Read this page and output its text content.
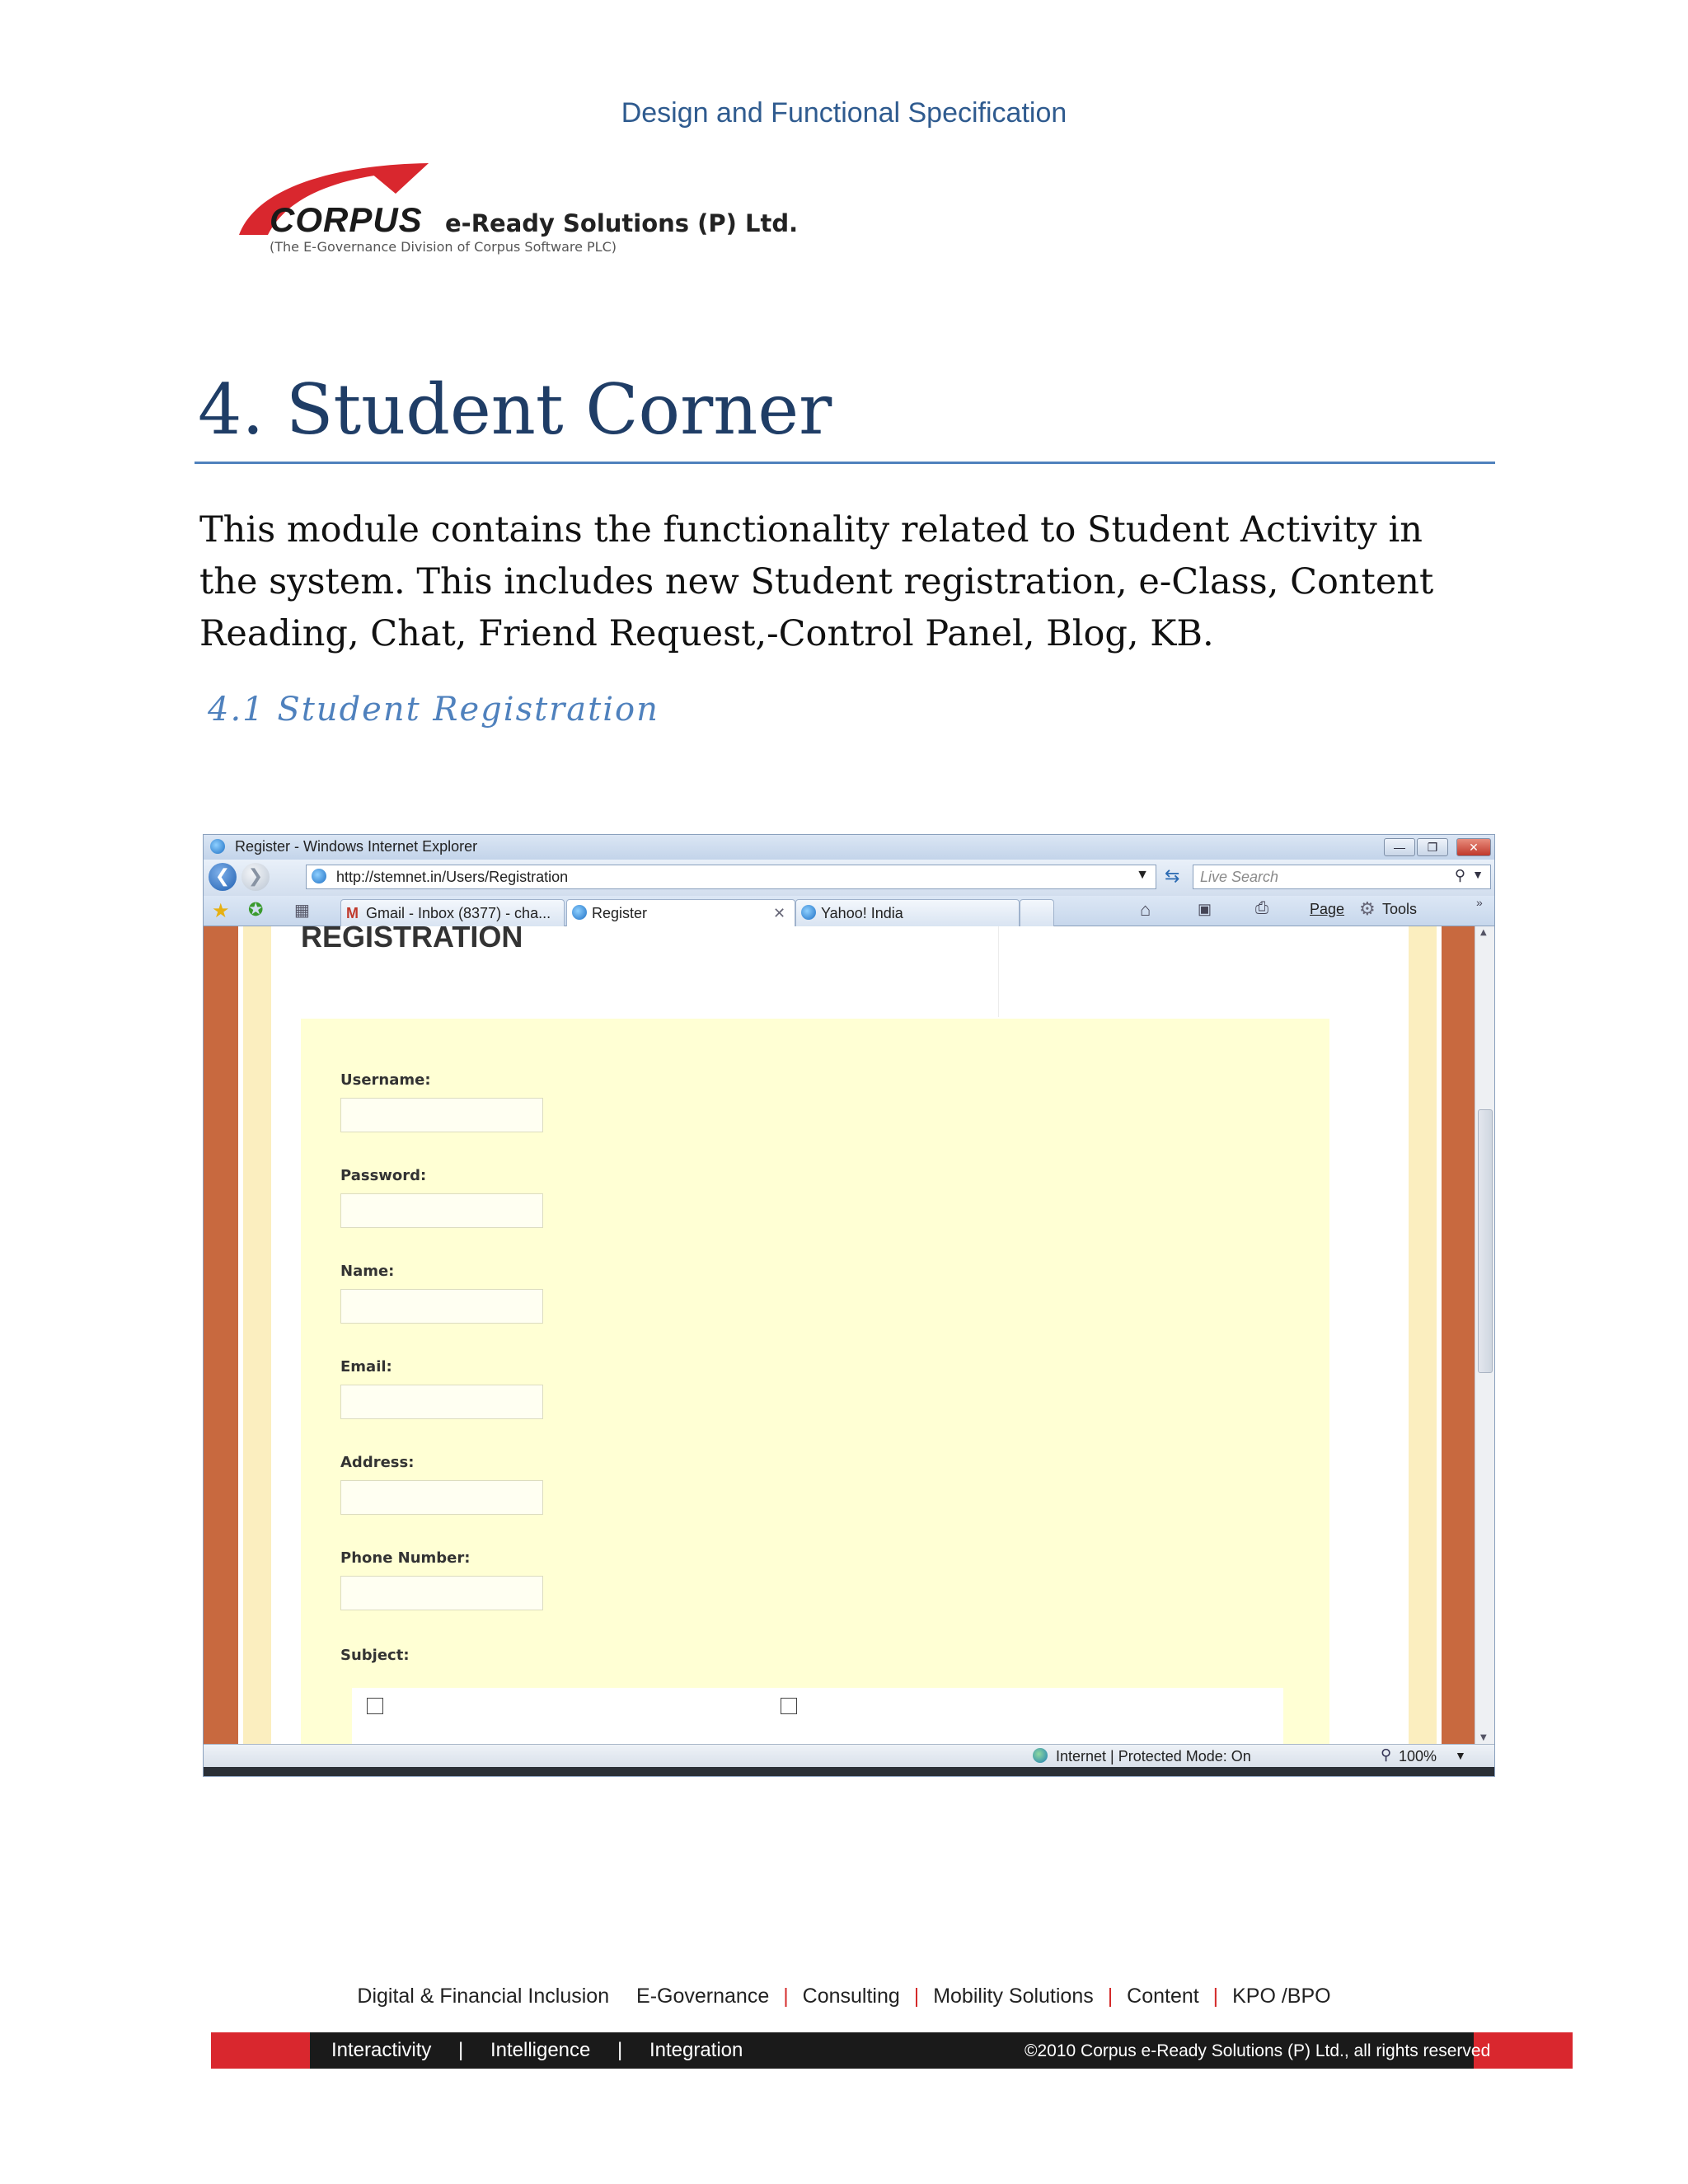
Design and Functional Specification
CORPUS e-Ready Solutions (P) Ltd.
(The E-Governance Division of Corpus Software PLC)
4. Student Corner
This module contains the functionality related to Student Activity in the system. This includes new Student registration, e-Class, Content Reading, Chat, Friend Request,-Control Panel, Blog, KB.
4.1 Student Registration
Register - Windows Internet Explorer	—	❐	✕
❮ ❯	http://stemnet.in/Users/Registration	▼ ⇆ Live Search	⚲ ▼
★ ✪ ▦ M Gmail - Inbox (8377) - cha...	Register	✕ Yahoo! India	⌂	▣	⎙	Page ⚙ Tools	»
▲
▼
REGISTRATION
Username:
Password:
Name:
Email:
Address:
Phone Number:
Subject:
Internet | Protected Mode: On	⚲ 100% ▼
Digital & Financial Inclusion E-Governance | Consulting | Mobility Solutions | Content | KPO /BPO
Interactivity | Intelligence | Integration	©2010 Corpus e-Ready Solutions (P) Ltd., all rights reserved
